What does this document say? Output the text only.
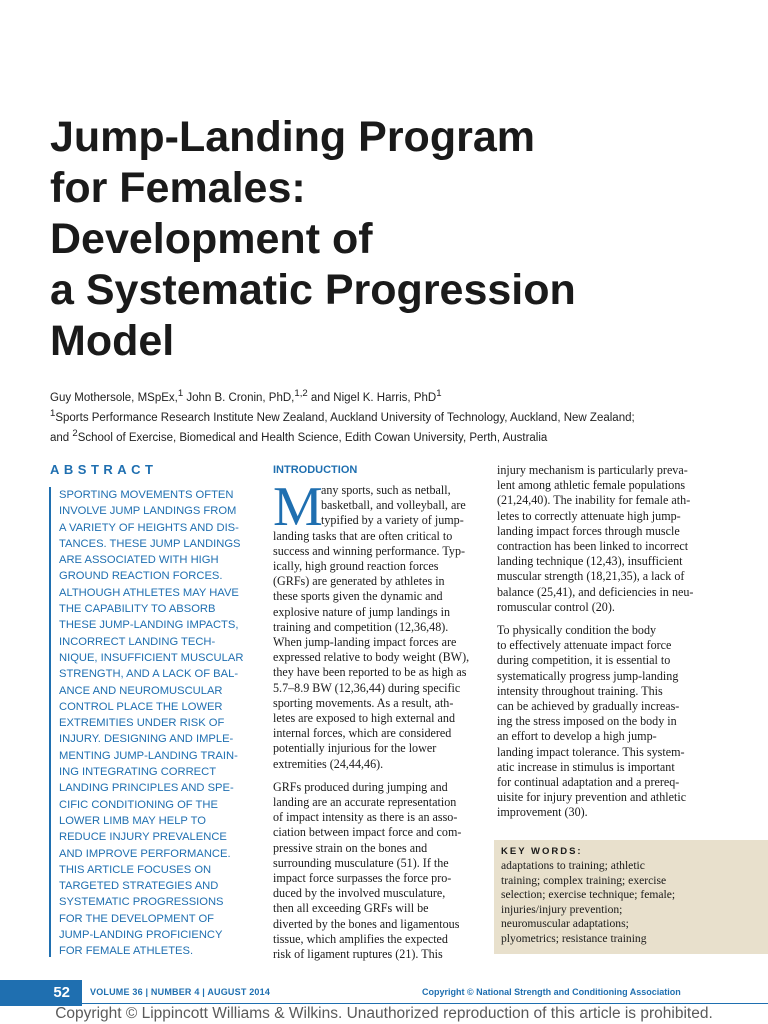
Jump-Landing Program
for Females:
Development of
a Systematic Progression
Model
Guy Mothersole, MSpEx,$^1$ John B. Cronin, PhD,$^{1,2}$ and Nigel K. Harris, PhD$^1$
$^1$Sports Performance Research Institute New Zealand, Auckland University of Technology, Auckland, New Zealand;
and $^2$School of Exercise, Biomedical and Health Science, Edith Cowan University, Perth, Australia
ABSTRACT
SPORTING MOVEMENTS OFTEN
INVOLVE JUMP LANDINGS FROM
A VARIETY OF HEIGHTS AND DIS-
TANCES. THESE JUMP LANDINGS
ARE ASSOCIATED WITH HIGH
GROUND REACTION FORCES.
ALTHOUGH ATHLETES MAY HAVE
THE CAPABILITY TO ABSORB
THESE JUMP-LANDING IMPACTS,
INCORRECT LANDING TECH-
NIQUE, INSUFFICIENT MUSCULAR
STRENGTH, AND A LACK OF BAL-
ANCE AND NEUROMUSCULAR
CONTROL PLACE THE LOWER
EXTREMITIES UNDER RISK OF
INJURY. DESIGNING AND IMPLE-
MENTING JUMP-LANDING TRAIN-
ING INTEGRATING CORRECT
LANDING PRINCIPLES AND SPE-
CIFIC CONDITIONING OF THE
LOWER LIMB MAY HELP TO
REDUCE INJURY PREVALENCE
AND IMPROVE PERFORMANCE.
THIS ARTICLE FOCUSES ON
TARGETED STRATEGIES AND
SYSTEMATIC PROGRESSIONS
FOR THE DEVELOPMENT OF
JUMP-LANDING PROFICIENCY
FOR FEMALE ATHLETES.
INTRODUCTION
M
any sports, such as netball,
basketball, and volleyball, are
typified by a variety of jump-
landing tasks that are often critical to
success and winning performance. Typ-
ically, high ground reaction forces
(GRFs) are generated by athletes in
these sports given the dynamic and
explosive nature of jump landings in
training and competition (12,36,48).
When jump-landing impact forces are
expressed relative to body weight (BW),
they have been reported to be as high as
5.7–8.9 BW (12,36,44) during specific
sporting movements. As a result, ath-
letes are exposed to high external and
internal forces, which are considered
potentially injurious for the lower
extremities (24,44,46).
GRFs produced during jumping and
landing are an accurate representation
of impact intensity as there is an asso-
ciation between impact force and com-
pressive strain on the bones and
surrounding musculature (51). If the
impact force surpasses the force pro-
duced by the involved musculature,
then all exceeding GRFs will be
diverted by the bones and ligamentous
tissue, which amplifies the expected
risk of ligament ruptures (21). This
injury mechanism is particularly preva-
lent among athletic female populations
(21,24,40). The inability for female ath-
letes to correctly attenuate high jump-
landing impact forces through muscle
contraction has been linked to incorrect
landing technique (12,43), insufficient
muscular strength (18,21,35), a lack of
balance (25,41), and deficiencies in neu-
romuscular control (20).
To physically condition the body
to effectively attenuate impact force
during competition, it is essential to
systematically progress jump-landing
intensity throughout training. This
can be achieved by gradually increas-
ing the stress imposed on the body in
an effort to develop a high jump-
landing impact tolerance. This system-
atic increase in stimulus is important
for continual adaptation and a prereq-
uisite for injury prevention and athletic
improvement (30).
KEY WORDS:
adaptations to training; athletic
training; complex training; exercise
selection; exercise technique; female;
injuries/injury prevention;
neuromuscular adaptations;
plyometrics; resistance training
52	VOLUME 36 | NUMBER 4 | AUGUST 2014	Copyright © National Strength and Conditioning Association
Copyright © Lippincott Williams & Wilkins. Unauthorized reproduction of this article is prohibited.
